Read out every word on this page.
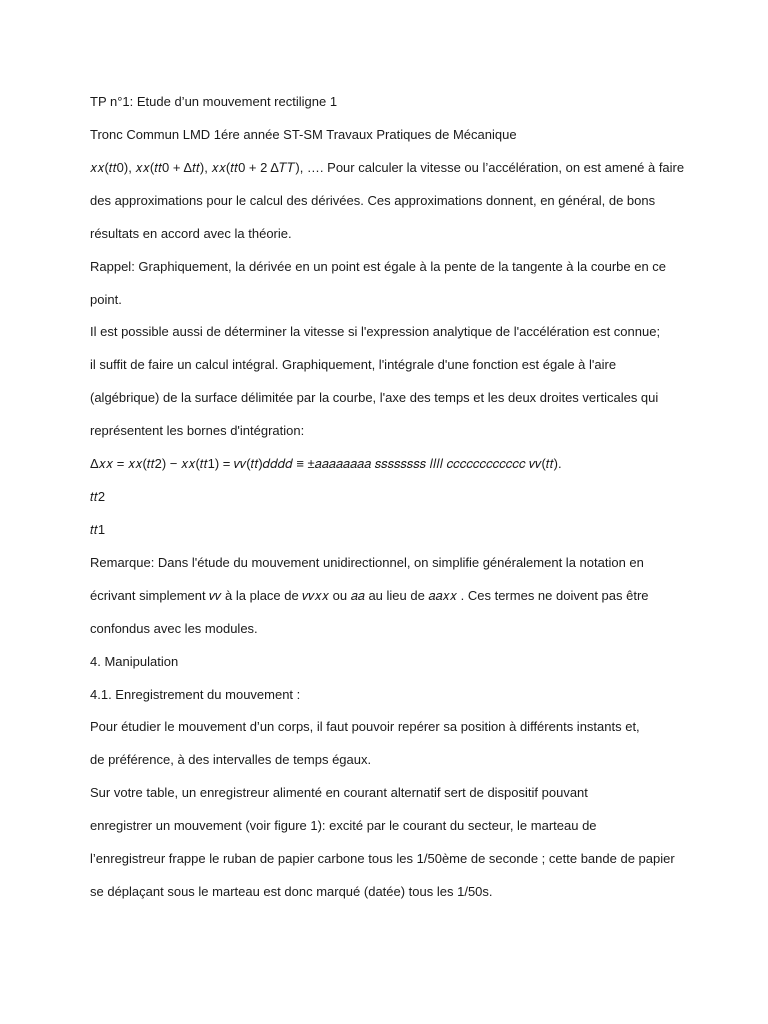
TP n°1: Etude d’un mouvement rectiligne 1
Tronc Commun LMD 1ére année ST-SM Travaux Pratiques de Mécanique
𝑥𝑥(𝑡𝑡0), 𝑥𝑥(𝑡𝑡0 + Δ𝑡𝑡), 𝑥𝑥(𝑡𝑡0 + 2 Δ𝑇𝑇), …. Pour calculer la vitesse ou l’accélération, on est amené à faire
des approximations pour le calcul des dérivées. Ces approximations donnent, en général, de bons
résultats en accord avec la théorie.
Rappel: Graphiquement, la dérivée en un point est égale à la pente de la tangente à la courbe en ce
point.
Il est possible aussi de déterminer la vitesse si l'expression analytique de l'accélération est connue;
il suffit de faire un calcul intégral. Graphiquement, l'intégrale d'une fonction est égale à l'aire
(algébrique) de la surface délimitée par la courbe, l'axe des temps et les deux droites verticales qui
représentent les bornes d'intégration:
Δ𝑥𝑥 = 𝑥𝑥(𝑡𝑡2) − 𝑥𝑥(𝑡𝑡1) = 𝑣𝑣(𝑡𝑡)𝑑𝑑𝑑𝑑 ≡ ±𝑎𝑎𝑎𝑎𝑎𝑎𝑎𝑎 𝑠𝑠𝑠𝑠𝑠𝑠𝑠𝑠 𝑙𝑙𝑙𝑙 𝑐𝑐𝑐𝑐𝑐𝑐𝑐𝑐𝑐𝑐𝑐𝑐 𝑣𝑣(𝑡𝑡).
𝑡𝑡2
𝑡𝑡1
Remarque: Dans l'étude du mouvement unidirectionnel, on simplifie généralement la notation en
écrivant simplement 𝑣𝑣 à la place de 𝑣𝑣𝑥𝑥 ou 𝑎𝑎 au lieu de 𝑎𝑎𝑥𝑥 . Ces termes ne doivent pas être
confondus avec les modules.
4. Manipulation
4.1. Enregistrement du mouvement :
Pour étudier le mouvement d’un corps, il faut pouvoir repérer sa position à différents instants et,
de préférence, à des intervalles de temps égaux.
Sur votre table, un enregistreur alimenté en courant alternatif sert de dispositif pouvant
enregistrer un mouvement (voir figure 1): excité par le courant du secteur, le marteau de
l’enregistreur frappe le ruban de papier carbone tous les 1/50ème de seconde ; cette bande de papier
se déplaçant sous le marteau est donc marqué (datée) tous les 1/50s.
